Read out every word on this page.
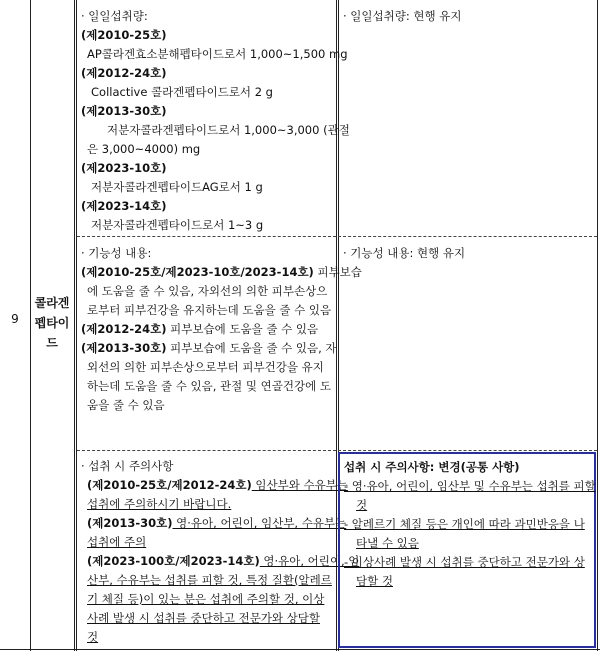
9
콜라겐
펩타이
드
· 일일섭취량:
(제2010-25호)
AP콜라겐효소분해펩타이드로서 1,000~1,500 mg
(제2012-24호)
Collactive 콜라겐펩타이드로서 2 g
(제2013-30호)
저분자콜라겐펩타이드로서 1,000~3,000 (관절
은 3,000~4000) mg
(제2023-10호)
저분자콜라겐펩타이드AG로서 1 g
(제2023-14호)
저분자콜라겐펩타이드로서 1~3 g
· 일일섭취량: 현행 유지
· 기능성 내용:
(제2010-25호/제2023-10호/2023-14호) 피부보습
에 도움을 줄 수 있음, 자외선의 의한 피부손상으
로부터 피부건강을 유지하는데 도움을 줄 수 있음
(제2012-24호) 피부보습에 도움을 줄 수 있음
(제2013-30호) 피부보습에 도움을 줄 수 있음, 자
외선의 의한 피부손상으로부터 피부건강을 유지
하는데 도움을 줄 수 있음, 관절 및 연골건강에 도
움을 줄 수 있음
· 기능성 내용: 현행 유지
· 섭취 시 주의사항
(제2010-25호/제2012-24호) 임산부와 수유부는
섭취에 주의하시기 바랍니다.
(제2013-30호) 영·유아, 어린이, 임산부, 수유부는
섭취에 주의
(제2023-100호/제2023-14호) 영·유아, 어린이, 임
산부, 수유부는 섭취를 피할 것, 특정 질환(알레르
기 체질 등)이 있는 분은 섭취에 주의할 것, 이상
사례 발생 시 섭취를 중단하고 전문가와 상담할
것
섭취 시 주의사항: 변경(공통 사항)
- 영·유아, 어린이, 임산부 및 수유부는 섭취를 피할
것
- 알레르기 체질 등은 개인에 따라 과민반응을 나
타낼 수 있음
- 이상사례 발생 시 섭취를 중단하고 전문가와 상
담할 것
